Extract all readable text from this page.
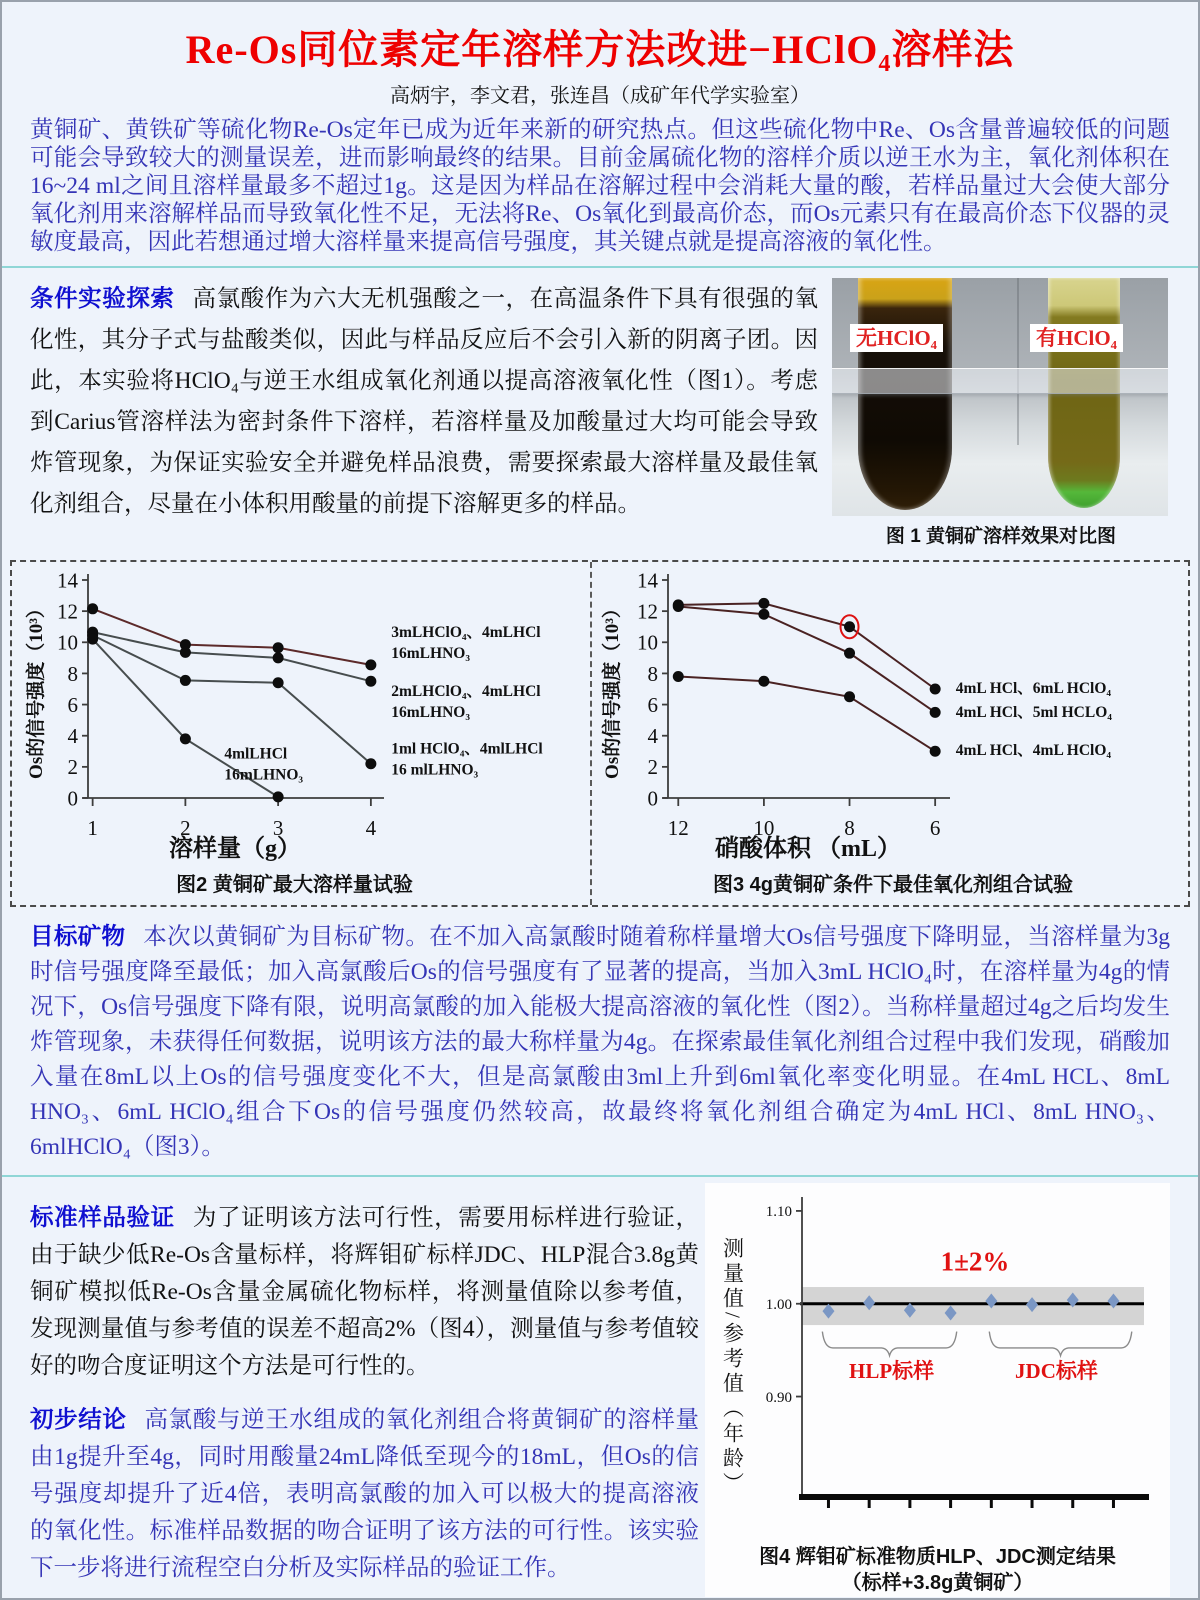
Re-Os同位素定年溶样方法改进−HClO₄溶样法
高炳宇，李文君，张连昌（成矿年代学实验室）

黄铜矿、黄铁矿等硫化物Re-Os定年已成为近年来新的研究热点。但这些硫化物中Re、Os含量普遍较低的问题可能会导致较大的测量误差，进而影响最终的结果。目前金属硫化物的溶样介质以逆王水为主，氧化剂体积在16~24 ml之间且溶样量最多不超过1g。这是因为样品在溶解过程中会消耗大量的酸，若样品量过大会使大部分氧化剂用来溶解样品而导致氧化性不足，无法将Re、Os氧化到最高价态，而Os元素只有在最高价态下仪器的灵敏度最高，因此若想通过增大溶样量来提高信号强度，其关键点就是提高溶液的氧化性。

条件实验探索 高氯酸作为六大无机强酸之一，在高温条件下具有很强的氧化性，其分子式与盐酸类似，因此与样品反应后不会引入新的阴离子团。因此，本实验将HClO₄与逆王水组成氧化剂通以提高溶液氧化性（图1）。考虑到Carius管溶样法为密封条件下溶样，若溶样量及加酸量过大均可能会导致炸管现象，为保证实验安全并避免样品浪费，需要探索最大溶样量及最佳氧化剂组合，尽量在小体积用酸量的前提下溶解更多的样品。
无HClO₄	有HClO₄
图 1 黄铜矿溶样效果对比图
0
2
4
6
8
10
12
14
1	2	3	4
3mLHClO₄、4mLHCl
16mLHNO₃
2mLHClO₄、4mLHCl
16mLHNO₃
1ml HClO₄、4mlLHCl
16 mlLHNO₃
4mlLHCl
16mLHNO₃
溶样量（g）
Os的信号强度（10³）
图2 黄铜矿最大溶样量试验
0
2
4
6
8
10
12
14
12	10	8	6
4mL HCl、6mL HClO₄
4mL HCl、5ml HCLO₄
4mL HCl、4mL HClO₄
硝酸体积 （mL）
Os的信号强度（10³）
图3 4g黄铜矿条件下最佳氧化剂组合试验

目标矿物 本次以黄铜矿为目标矿物。在不加入高氯酸时随着称样量增大Os信号强度下降明显，当溶样量为3g时信号强度降至最低；加入高氯酸后Os的信号强度有了显著的提高，当加入3mL HClO₄时，在溶样量为4g的情况下，Os信号强度下降有限，说明高氯酸的加入能极大提高溶液的氧化性（图2）。当称样量超过4g之后均发生炸管现象，未获得任何数据，说明该方法的最大称样量为4g。在探索最佳氧化剂组合过程中我们发现，硝酸加入量在8mL以上Os的信号强度变化不大，但是高氯酸由3ml上升到6ml氧化率变化明显。在4mL HCL、8mL HNO₃、6mL HClO₄组合下Os的信号强度仍然较高，故最终将氧化剂组合确定为4mL HCl、8mL HNO₃、6mlHClO₄（图3）。

标准样品验证 为了证明该方法可行性，需要用标样进行验证，由于缺少低Re-Os含量标样，将辉钼矿标样JDC、HLP混合3.8g黄铜矿模拟低Re-Os含量金属硫化物标样，将测量值除以参考值，发现测量值与参考值的误差不超高2%（图4），测量值与参考值较好的吻合度证明这个方法是可行性的。

初步结论 高氯酸与逆王水组成的氧化剂组合将黄铜矿的溶样量由1g提升至4g，同时用酸量24mL降低至现今的18mL，但Os的信号强度却提升了近4倍，表明高氯酸的加入可以极大的提高溶液的氧化性。标准样品数据的吻合证明了该方法的可行性。该实验下一步将进行流程空白分析及实际样品的验证工作。

测量值/参考值（年龄） 0.90
1.00
1.10
1±2%
HLP标样	JDC标样
图4 辉钼矿标准物质HLP、JDC测定结果
（标样+3.8g黄铜矿）
